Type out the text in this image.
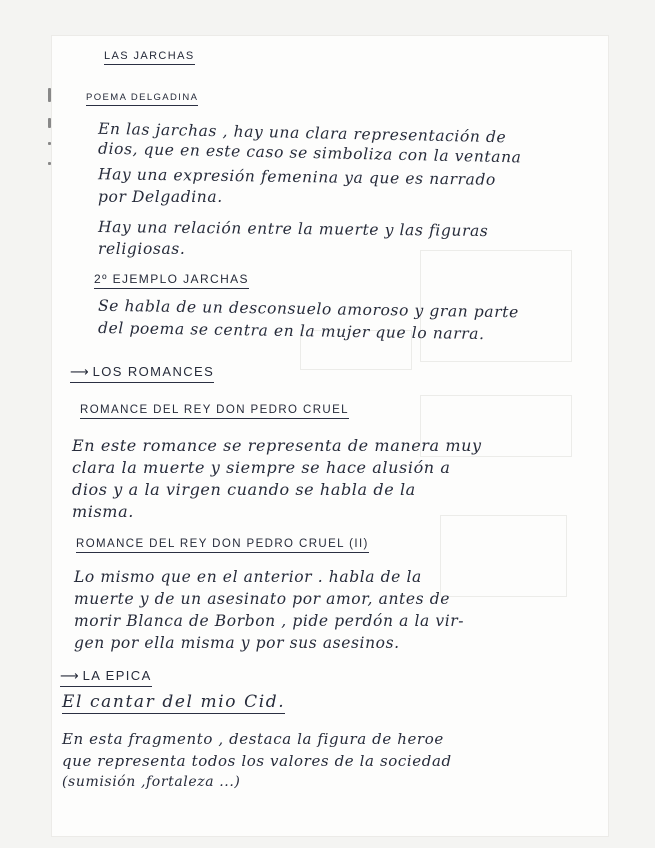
LAS JARCHAS
POEMA DELGADINA
En las jarchas , hay una clara representación de
dios, que en este caso se simboliza con la ventana
Hay una expresión femenina ya que es narrado
por Delgadina.
Hay una relación entre la muerte y las figuras
religiosas.
2º EJEMPLO JARCHAS
Se habla de un desconsuelo amoroso y gran parte
del poema se centra en la mujer que lo narra.
⟶ LOS ROMANCES
ROMANCE DEL REY DON PEDRO CRUEL
En este romance se representa de manera muy
clara la muerte y siempre se hace alusión a
dios y a la virgen cuando se habla de la
misma.
ROMANCE DEL REY DON PEDRO CRUEL (II)
Lo mismo que en el anterior . habla de la
muerte y de un asesinato por amor, antes de
morir Blanca de Borbon , pide perdón a la vir-
gen por ella misma y por sus asesinos.
⟶ LA EPICA
El cantar del mio Cid.
En esta fragmento , destaca la figura de heroe
que representa todos los valores de la sociedad
(sumisión ,fortaleza ...)
